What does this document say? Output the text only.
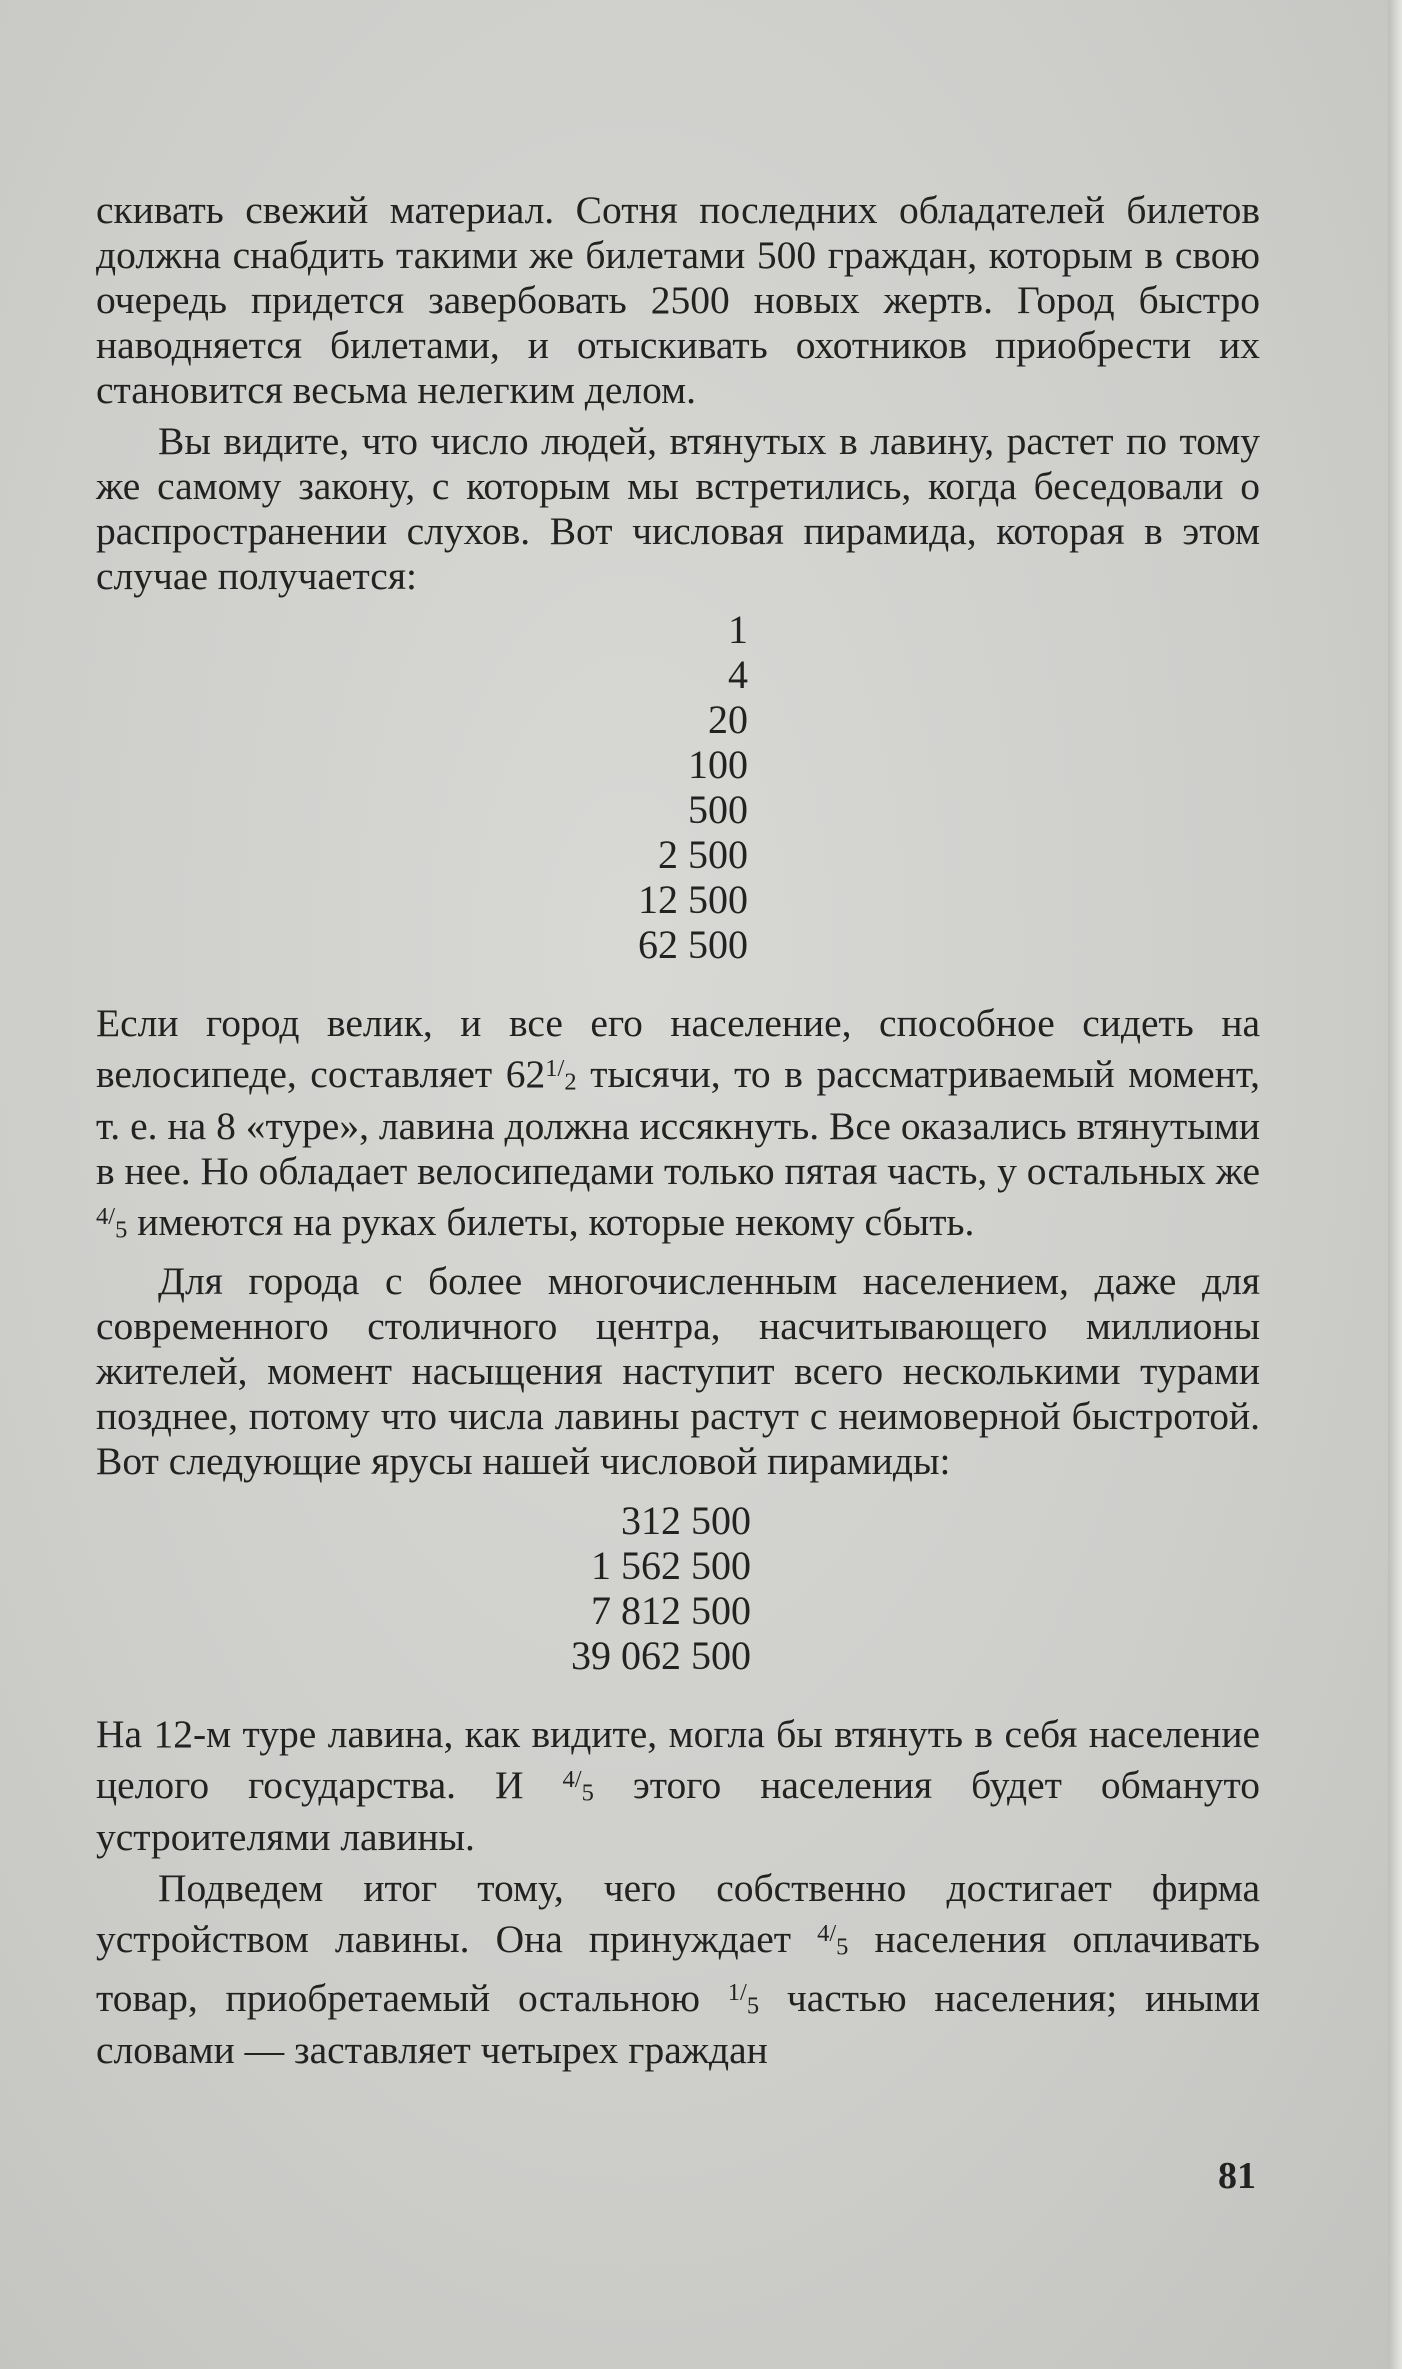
скивать свежий материал. Сотня последних обладателей билетов должна снабдить такими же билетами 500 граждан, которым в свою очередь придется завербовать 2500 новых жертв. Город быстро наводняется билетами, и отыскивать охотников приобрести их становится весьма нелегким делом.

Вы видите, что число людей, втянутых в лавину, растет по тому же самому закону, с которым мы встретились, когда беседовали о распространении слухов. Вот числовая пирамида, которая в этом случае получается:

1
4
20
100
500
2 500
12 500
62 500

Если город велик, и все его население, способное сидеть на велосипеде, составляет $62^{1/2}$ тысячи, то в рассматриваемый момент, т. е. на 8 «туре», лавина должна иссякнуть. Все оказались втянутыми в нее. Но обладает велосипедами только пятая часть, у остальных же $^{4/5}$ имеются на руках билеты, которые некому сбыть.

Для города с более многочисленным населением, даже для современного столичного центра, насчитывающего миллионы жителей, момент насыщения наступит всего несколькими турами позднее, потому что числа лавины растут с неимоверной быстротой. Вот следующие ярусы нашей числовой пирамиды:

312 500
1 562 500
7 812 500
39 062 500

На 12-м туре лавина, как видите, могла бы втянуть в себя население целого государства. И $^{4/5}$ этого населения будет обмануто устроителями лавины.

Подведем итог тому, чего собственно достигает фирма устройством лавины. Она принуждает $^{4/5}$ населения оплачивать товар, приобретаемый остальною $^{1/5}$ частью населения; иными словами — заставляет четырех граждан

81
